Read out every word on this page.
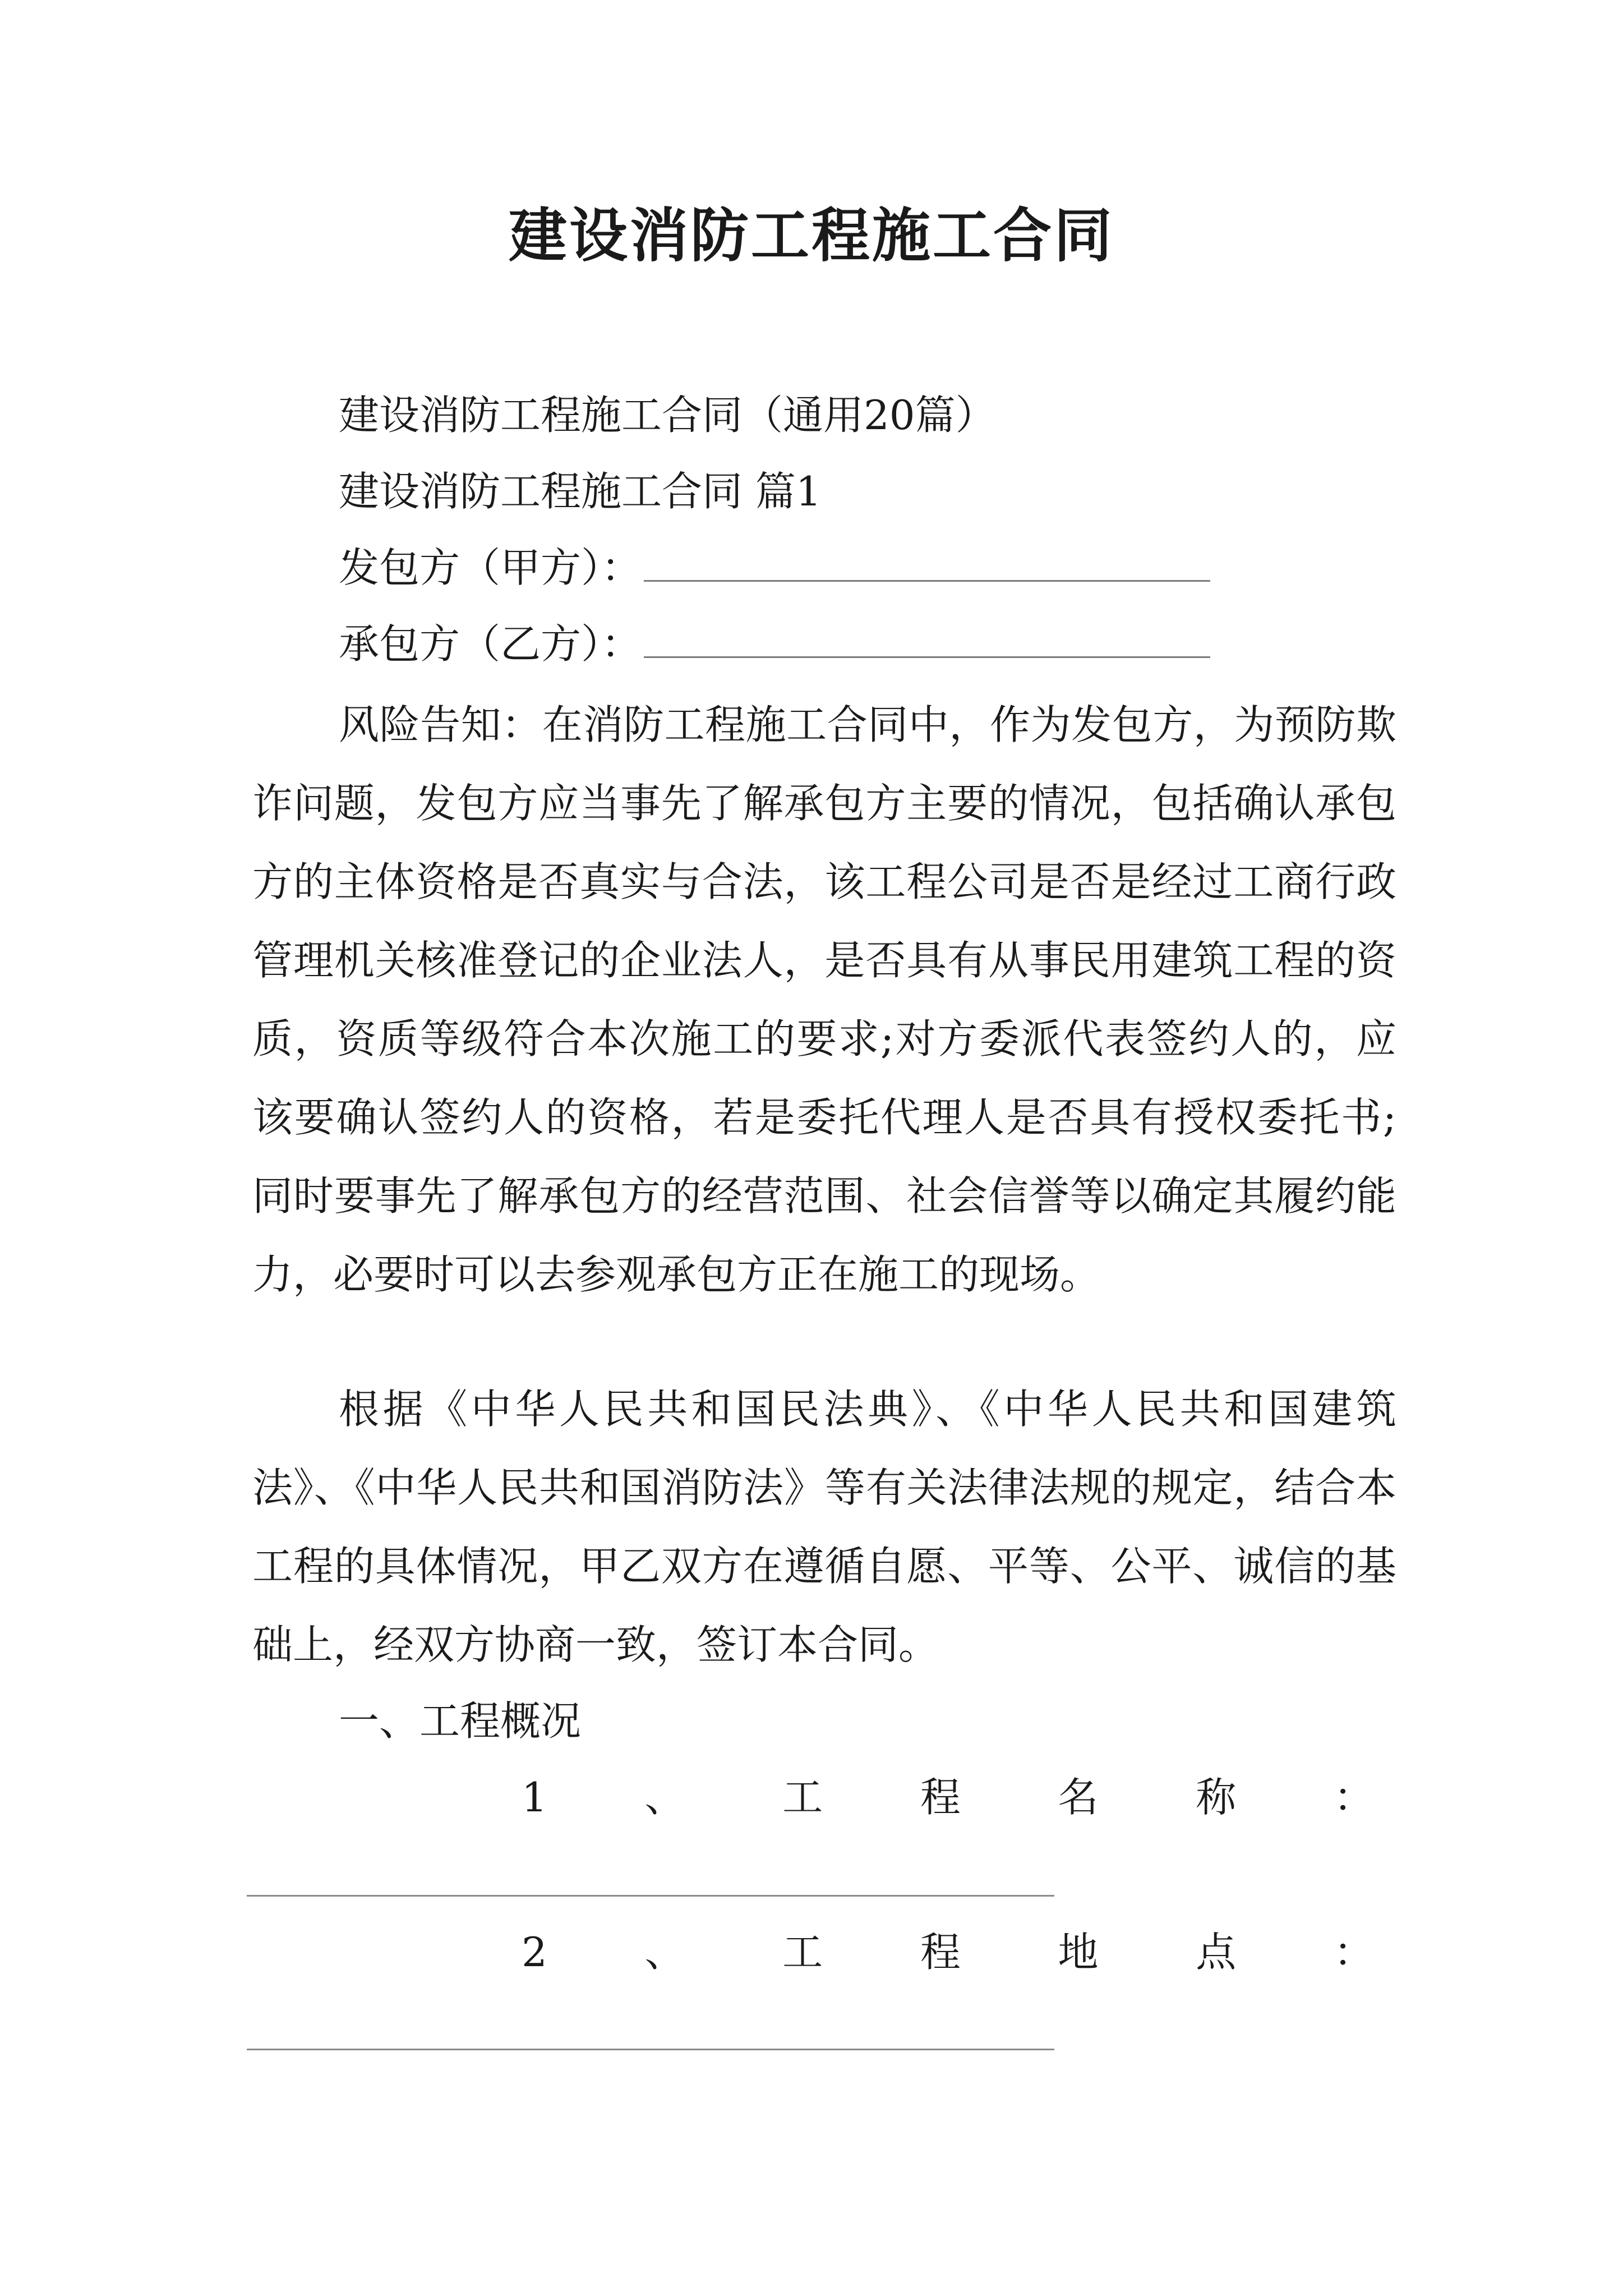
建设消防工程施工合同

建设消防工程施工合同（通用20篇）

建设消防工程施工合同 篇1

发包方（甲方）：

承包方（乙方）：

风险告知：在消防工程施工合同中，作为发包方，为预防欺诈问题，发包方应当事先了解承包方主要的情况，包括确认承包方的主体资格是否真实与合法，该工程公司是否是经过工商行政管理机关核准登记的企业法人，是否具有从事民用建筑工程的资质，资质等级符合本次施工的要求;对方委派代表签约人的，应该要确认签约人的资格，若是委托代理人是否具有授权委托书;同时要事先了解承包方的经营范围、社会信誉等以确定其履约能力，必要时可以去参观承包方正在施工的现场。

根据《中华人民共和国民法典》、《中华人民共和国建筑法》、《中华人民共和国消防法》等有关法律法规的规定，结合本工程的具体情况，甲乙双方在遵循自愿、平等、公平、诚信的基础上，经双方协商一致，签订本合同。

一、工程概况

1 、 工 程 名 称 ：
2 、 工 程 地 点 ：
